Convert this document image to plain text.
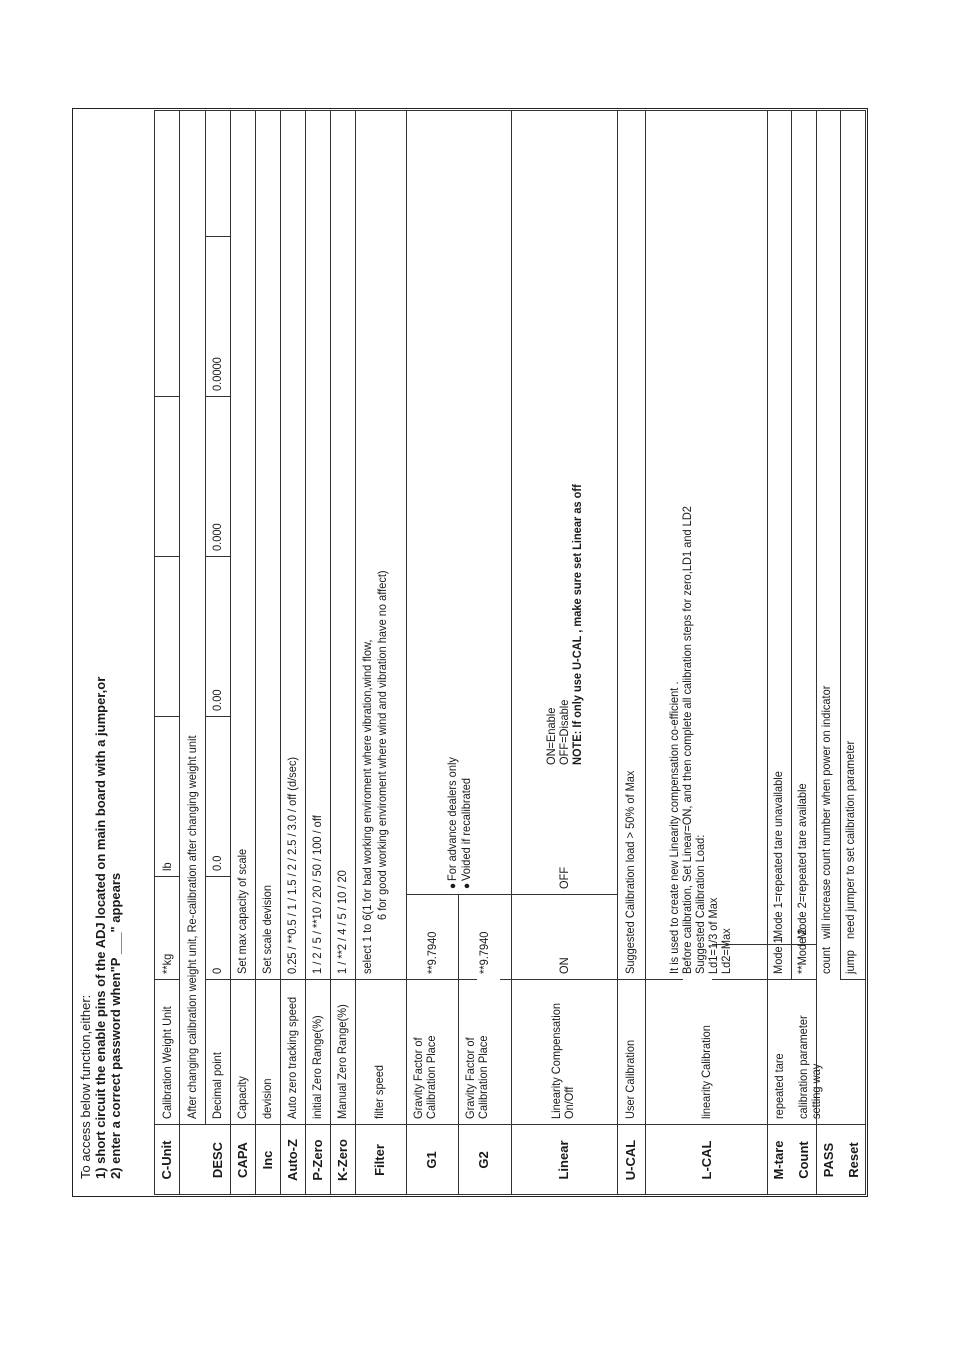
To access below function,either: 1) short circuit the enable pins of the ADJ located on main board with a jumper,or 2) enter a correct password when"P ___" appears	C-Unit	DESC CAPA Inc Auto-Z P-Zero K-Zero Filter	G1	G2	Linear	U-CAL	L-CAL	M-tare Count PASS Reset
Calibration Weight Unit
**kg
lb After changing calibration weight unit, Re-calibration after changing weight unit Decimal point
0
0.0
0.00
0.000
0.0000
Capacity
Set max capacity of scale
devision
Set scale devision
Auto zero tracking speed
0.25 / **0.5 / 1 / 1.5 / 2 / 2.5 / 3.0 / off (d/sec)
initial Zero Range(%)
1 / 2 / 5 / **10 / 20 / 50 / 100 / off
Manual Zero Range(%)
1 / **2 / 4 / 5 / 10 / 20
filter speed
select 1 to 6(1 for bad working enviroment where vibration,wind flow, 6 for good working enviroment where wind and vibration have no affect)
Gravity Factor of Calibration Place
**9.7940
Gravity Factor of Calibration Place
**9.7940
● For advance dealers only
● Voided if recalibrated
Linearity Compensation On/Off
ON
OFF
ON=Enable OFF=Disable NOTE: If only use U-CAL , make sure set Linear as off
User Calibration
Suggested Calibration load > 50% of Max
linearity Calibration
It is used to create new Linearity compensation co-efficient . Before calibration, Set Linear=ON, and then complete all calibration steps for zero,LD1 and LD2 Suggested Calibration Load: Ld1=1/3 of Max Ld2=Max
repeated tare
Mode 1
Mode 1=repeated tare unavailable
**Mode 2
Mode 2=repeated tare available
calibration parameter setting way
count
will increase count number when power on indicator
jump
need jumper to set calibration parameter
